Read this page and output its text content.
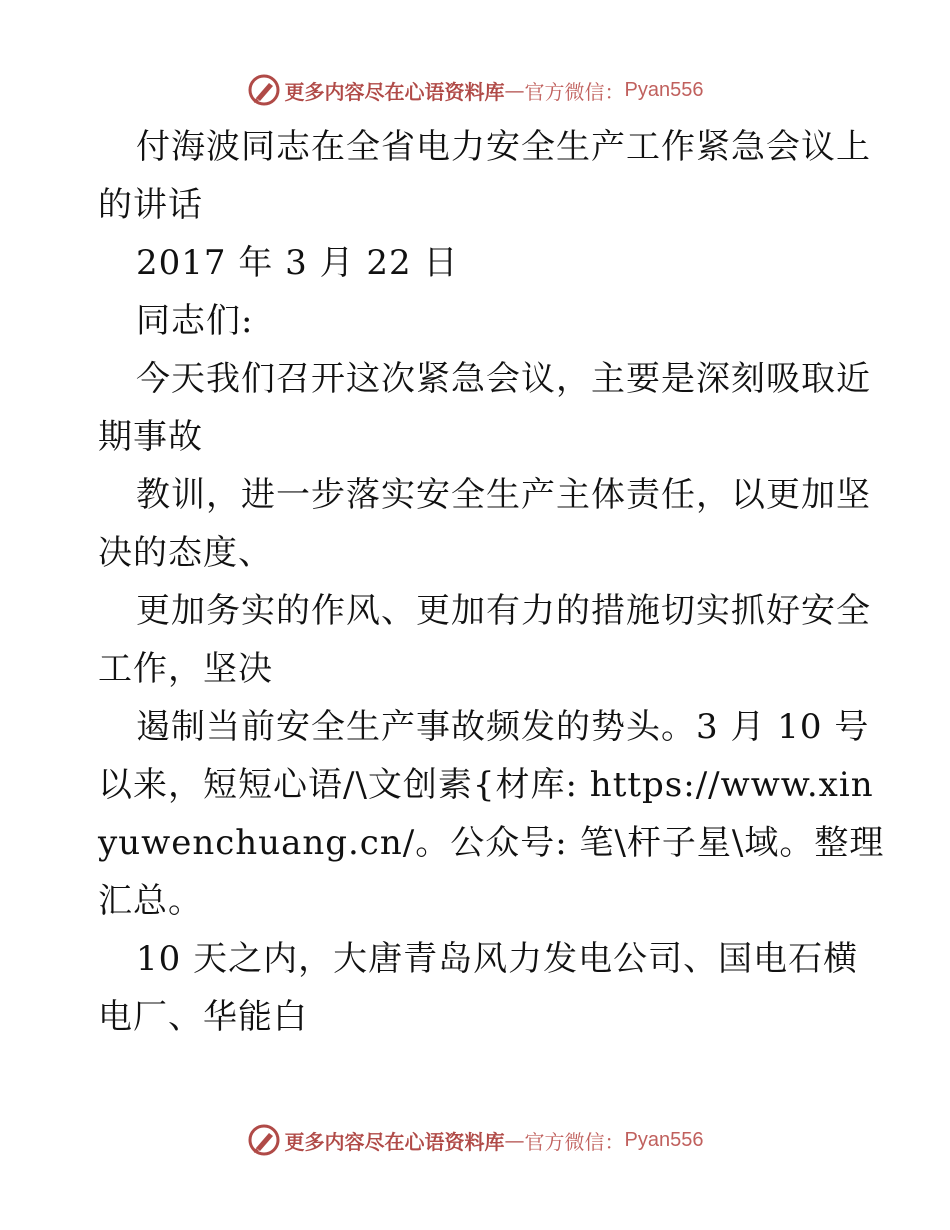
更多内容尽在心语资料库 — 官方微信： Pyan556
付海波同志在全省电力安全生产工作紧急会议上
的讲话
2017 年 3 月 22 日
同志们:
今天我们召开这次紧急会议，主要是深刻吸取近
期事故
教训，进一步落实安全生产主体责任，以更加坚
决的态度、
更加务实的作风、更加有力的措施切实抓好安全
工作，坚决
遏制当前安全生产事故频发的势头。3 月 10 号
以来，短短心语/\文创素{材库: https://www.xin
yuwenchuang.cn/。公众号: 笔\杆子星\域。整理
汇总。
10 天之内，大唐青岛风力发电公司、国电石横
电厂、华能白
更多内容尽在心语资料库 — 官方微信： Pyan556
